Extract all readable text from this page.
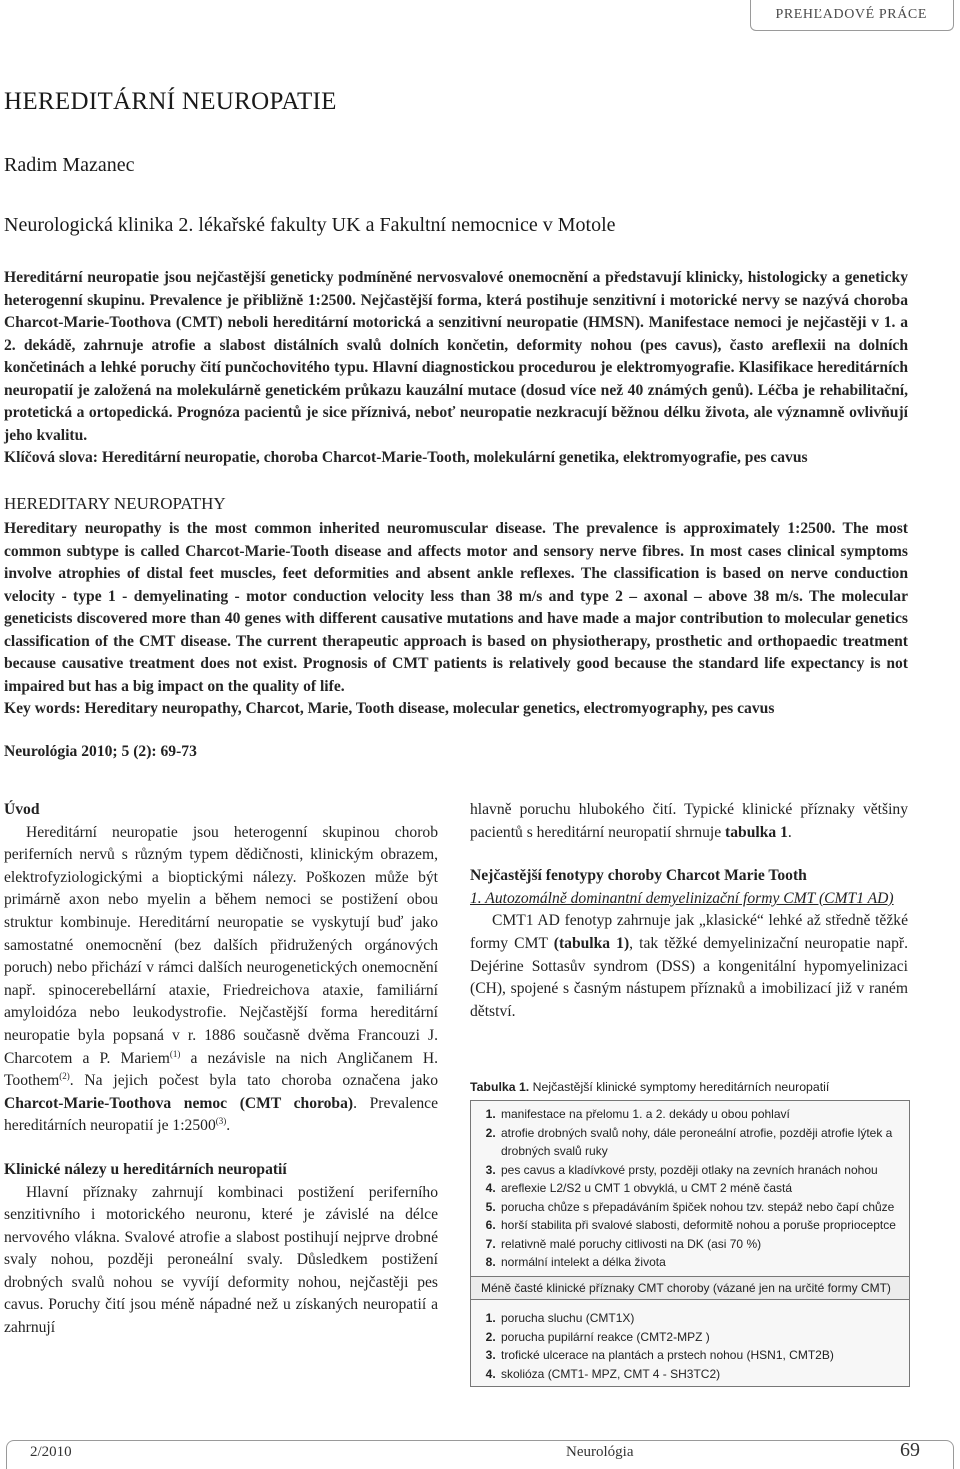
PREHĽADOVÉ PRÁCE
HEREDITÁRNÍ NEUROPATIE
Radim Mazanec
Neurologická klinika 2. lékařské fakulty UK a Fakultní nemocnice v Motole

Hereditární neuropatie jsou nejčastější geneticky podmíněné nervosvalové onemocnění a představují klinicky, histologicky a geneticky heterogenní skupinu. Prevalence je přibližně 1:2500. Nejčastější forma, která postihuje senzitivní i motorické nervy se nazývá choroba Charcot-Marie-Toothova (CMT) neboli hereditární motorická a senzitivní neuropatie (HMSN). Manifestace nemoci je nejčastěji v 1. a 2. dekádě, zahrnuje atrofie a slabost distálních svalů dolních končetin, deformity nohou (pes cavus), často areflexii na dolních končetinách a lehké poruchy čití punčochovitého typu. Hlavní diagnostickou procedurou je elektromyografie. Klasifikace hereditárních neuropatií je založená na molekulárně genetickém průkazu kauzální mutace (dosud více než 40 známých genů). Léčba je rehabilitační, protetická a ortopedická. Prognóza pacientů je sice příznivá, neboť neuropatie nezkracují běžnou délku života, ale významně ovlivňují jeho kvalitu.

Klíčová slova: Hereditární neuropatie, choroba Charcot-Marie-Tooth, molekulární genetika, elektromyografie, pes cavus

HEREDITARY NEUROPATHY

Hereditary neuropathy is the most common inherited neuromuscular disease. The prevalence is approximately 1:2500. The most common subtype is called Charcot-Marie-Tooth disease and affects motor and sensory nerve fibres. In most cases clinical symptoms involve atrophies of distal feet muscles, feet deformities and absent ankle reflexes. The classification is based on nerve conduction velocity - type 1 - demyelinating - motor conduction velocity less than 38 m/s and type 2 – axonal – above 38 m/s. The molecular geneticists discovered more than 40 genes with different causative mutations and have made a major contribution to molecular genetics classification of the CMT disease. The current therapeutic approach is based on physiotherapy, prosthetic and orthopaedic treatment because causative treatment does not exist. Prognosis of CMT patients is relatively good because the standard life expectancy is not impaired but has a big impact on the quality of life.

Key words: Hereditary neuropathy, Charcot, Marie, Tooth disease, molecular genetics, electromyography, pes cavus

Neurológia 2010; 5 (2): 69-73
Úvod

Hereditární neuropatie jsou heterogenní skupinou chorob periferních nervů s různým typem dědičnosti, klinickým obrazem, elektrofyziologickými a bioptickými nálezy. Poškozen může být primárně axon nebo myelin a během nemoci se postižení obou struktur kombinuje. Hereditární neuropatie se vyskytují buď jako samostatné onemocnění (bez dalších přidružených orgánových poruch) nebo přichází v rámci dalších neurogenetických onemocnění např. spinocerebellární ataxie, Friedreichova ataxie, familiární amyloidóza nebo leukodystrofie. Nejčastější forma hereditární neuropatie byla popsaná v r. 1886 současně dvěma Francouzi J. Charcotem a P. Mariem$^{(1)}$ a nezávisle na nich Angličanem H. Toothem$^{(2)}$. Na jejich počest byla tato choroba označena jako Charcot-Marie-Toothova nemoc (CMT choroba). Prevalence hereditárních neuropatií je 1:2500$^{(3)}$.

Klinické nálezy u hereditárních neuropatií

Hlavní příznaky zahrnují kombinaci postižení periferního senzitivního i motorického neuronu, které je závislé na délce nervového vlákna. Svalové atrofie a slabost postihují nejprve drobné svaly nohou, později peroneální svaly. Důsledkem postižení drobných svalů nohou se vyvíjí deformity nohou, nejčastěji pes cavus. Poruchy čití jsou méně nápadné než u získaných neuropatií a zahrnují

hlavně poruchu hlubokého čití. Typické klinické příznaky většiny pacientů s hereditární neuropatií shrnuje tabulka 1.

Nejčastější fenotypy choroby Charcot Marie Tooth
1. Autozomálně dominantní demyelinizační formy CMT (CMT1 AD)

CMT1 AD fenotyp zahrnuje jak „klasické“ lehké až středně těžké formy CMT (tabulka 1), tak těžké demyelinizační neuropatie např. Dejérine Sottasův syndrom (DSS) a kongenitální hypomyelinizaci (CH), spojené s časným nástupem příznaků a imobilizací již v raném dětství.

Tabulka 1. Nejčastější klinické symptomy hereditárních neuropatií
1. manifestace na přelomu 1. a 2. dekády u obou pohlaví
2. atrofie drobných svalů nohy, dále peroneální atrofie, později atrofie lýtek a drobných svalů ruky
3. pes cavus a kladívkové prsty, později otlaky na zevních hranách nohou
4. areflexie L2/S2 u CMT 1 obvyklá, u CMT 2 méně častá
5. porucha chůze s přepadáváním špiček nohou tzv. stepáž nebo čapí chůze
6. horší stabilita při svalové slabosti, deformitě nohou a poruše proprioceptce
7. relativně malé poruchy citlivosti na DK (asi 70 %)
8. normální intelekt a délka života
Méně časté klinické příznaky CMT choroby (vázané jen na určité formy CMT)
1. porucha sluchu (CMT1X)
2. porucha pupilární reakce (CMT2-MPZ )
3. trofické ulcerace na plantách a prstech nohou (HSN1, CMT2B)
4. skolióza (CMT1- MPZ, CMT 4 - SH3TC2)
2/2010	Neurológia	69
